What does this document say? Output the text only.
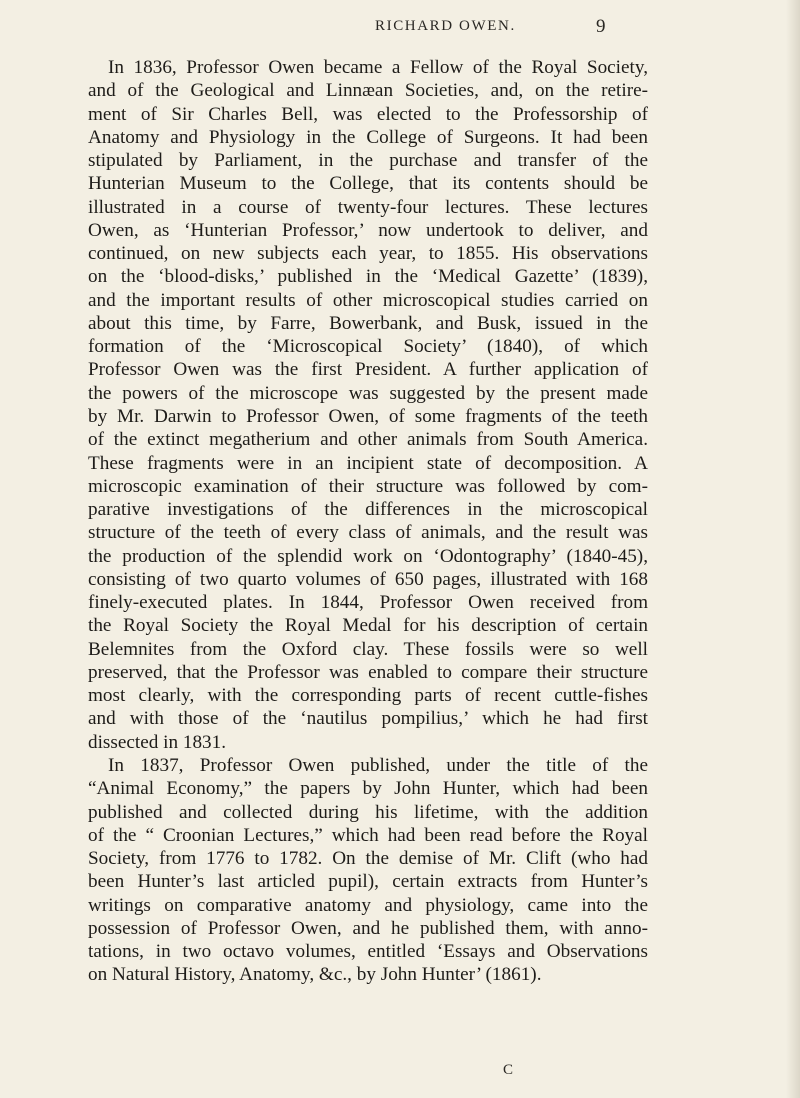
RICHARD OWEN.	9
In 1836, Professor Owen became a Fellow of the Royal Society,
and of the Geological and Linnæan Societies, and, on the retire-
ment of Sir Charles Bell, was elected to the Professorship of
Anatomy and Physiology in the College of Surgeons. It had been
stipulated by Parliament, in the purchase and transfer of the
Hunterian Museum to the College, that its contents should be
illustrated in a course of twenty-four lectures. These lectures
Owen, as ‘Hunterian Professor,’ now undertook to deliver, and
continued, on new subjects each year, to 1855. His observations
on the ‘blood-disks,’ published in the ‘Medical Gazette’ (1839),
and the important results of other microscopical studies carried on
about this time, by Farre, Bowerbank, and Busk, issued in the
formation of the ‘Microscopical Society’ (1840), of which
Professor Owen was the first President. A further application of
the powers of the microscope was suggested by the present made
by Mr. Darwin to Professor Owen, of some fragments of the teeth
of the extinct megatherium and other animals from South America.
These fragments were in an incipient state of decomposition. A
microscopic examination of their structure was followed by com-
parative investigations of the differences in the microscopical
structure of the teeth of every class of animals, and the result was
the production of the splendid work on ‘Odontography’ (1840-45),
consisting of two quarto volumes of 650 pages, illustrated with 168
finely-executed plates. In 1844, Professor Owen received from
the Royal Society the Royal Medal for his description of certain
Belemnites from the Oxford clay. These fossils were so well
preserved, that the Professor was enabled to compare their structure
most clearly, with the corresponding parts of recent cuttle-fishes
and with those of the ‘nautilus pompilius,’ which he had first
dissected in 1831.
In 1837, Professor Owen published, under the title of the
“Animal Economy,” the papers by John Hunter, which had been
published and collected during his lifetime, with the addition
of the “ Croonian Lectures,” which had been read before the Royal
Society, from 1776 to 1782. On the demise of Mr. Clift (who had
been Hunter’s last articled pupil), certain extracts from Hunter’s
writings on comparative anatomy and physiology, came into the
possession of Professor Owen, and he published them, with anno-
tations, in two octavo volumes, entitled ‘Essays and Observations
on Natural History, Anatomy, &c., by John Hunter’ (1861).
C
